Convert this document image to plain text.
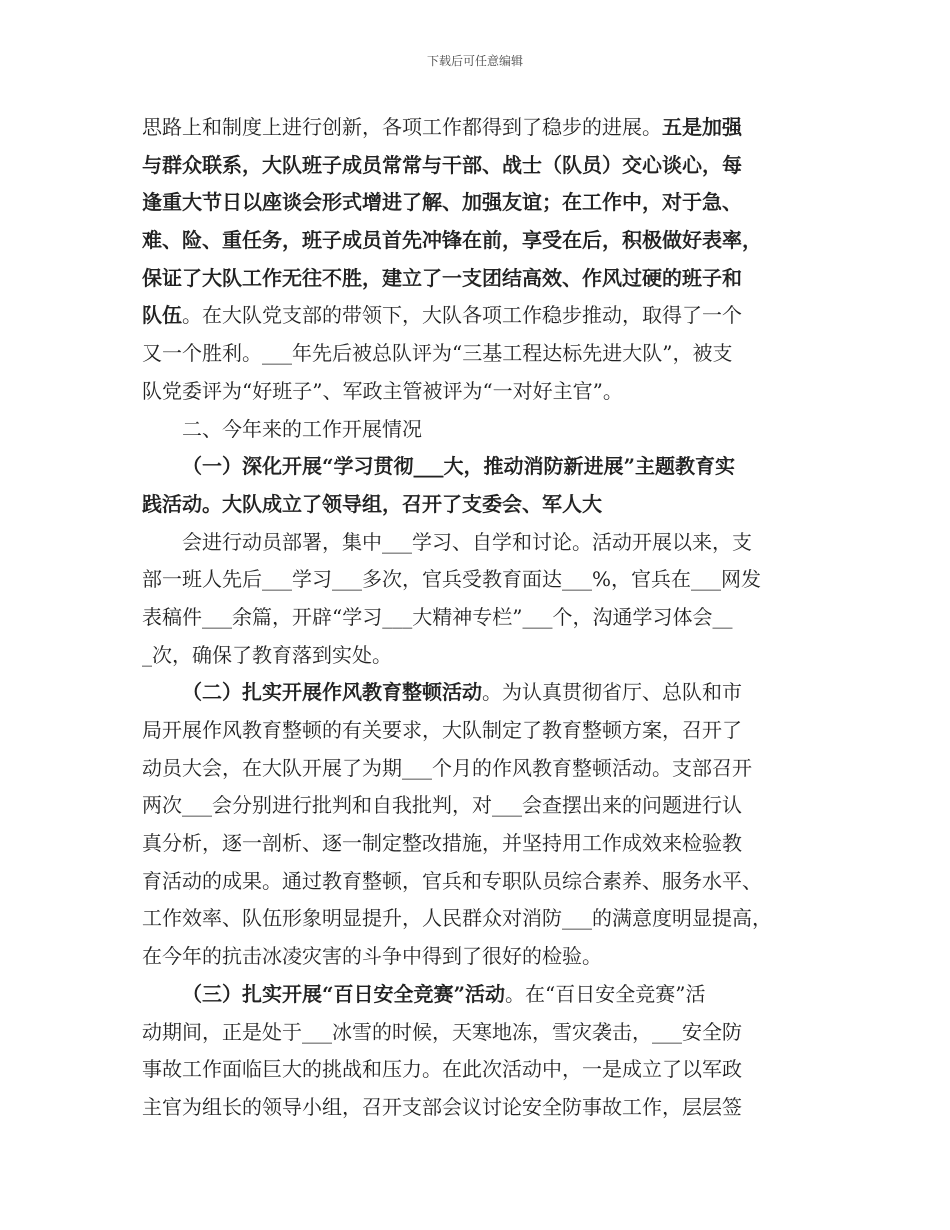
下载后可任意编辑
思路上和制度上进行创新，各项工作都得到了稳步的进展。五是加强
与群众联系，大队班子成员常常与干部、战士（队员）交心谈心，每
逢重大节日以座谈会形式增进了解、加强友谊；在工作中，对于急、
难、险、重任务，班子成员首先冲锋在前，享受在后，积极做好表率，
保证了大队工作无往不胜，建立了一支团结高效、作风过硬的班子和
队伍。在大队党支部的带领下，大队各项工作稳步推动，取得了一个
又一个胜利。___年先后被总队评为“三基工程达标先进大队”，被支
队党委评为“好班子”、军政主管被评为“一对好主官”。
二、今年来的工作开展情况
（一）深化开展“学习贯彻___大，推动消防新进展”主题教育实
践活动。大队成立了领导组，召开了支委会、军人大
会进行动员部署，集中___学习、自学和讨论。活动开展以来，支
部一班人先后___学习___多次，官兵受教育面达___%，官兵在___网发
表稿件___余篇，开辟“学习___大精神专栏”___个，沟通学习体会__
_次，确保了教育落到实处。
（二）扎实开展作风教育整顿活动。为认真贯彻省厅、总队和市
局开展作风教育整顿的有关要求，大队制定了教育整顿方案，召开了
动员大会，在大队开展了为期___个月的作风教育整顿活动。支部召开
两次___会分别进行批判和自我批判，对___会查摆出来的问题进行认
真分析，逐一剖析、逐一制定整改措施，并坚持用工作成效来检验教
育活动的成果。通过教育整顿，官兵和专职队员综合素养、服务水平、
工作效率、队伍形象明显提升，人民群众对消防___的满意度明显提高，
在今年的抗击冰凌灾害的斗争中得到了很好的检验。
（三）扎实开展“百日安全竞赛”活动。在“百日安全竞赛”活
动期间，正是处于___冰雪的时候，天寒地冻，雪灾袭击，___安全防
事故工作面临巨大的挑战和压力。在此次活动中，一是成立了以军政
主官为组长的领导小组，召开支部会议讨论安全防事故工作，层层签
